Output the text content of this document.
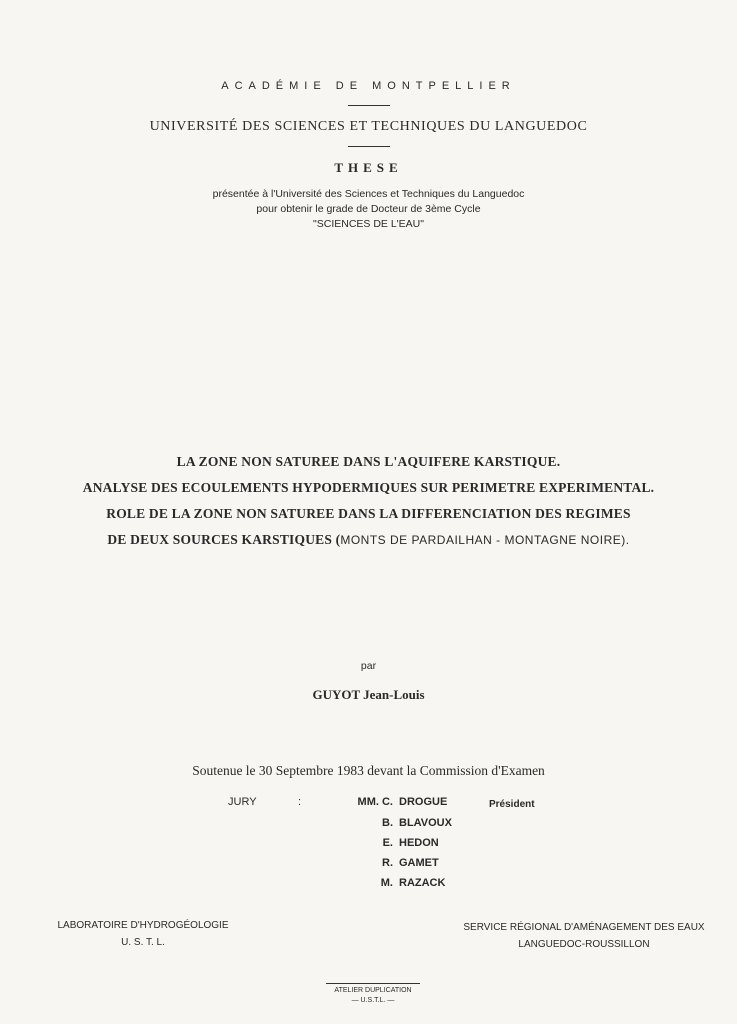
ACADÉMIE DE MONTPELLIER
UNIVERSITÉ DES SCIENCES ET TECHNIQUES DU LANGUEDOC
THESE
présentée à l'Université des Sciences et Techniques du Languedoc
pour obtenir le grade de Docteur de 3ème Cycle
"SCIENCES DE L'EAU"
LA ZONE NON SATUREE DANS L'AQUIFERE KARSTIQUE.
ANALYSE DES ECOULEMENTS HYPODERMIQUES SUR PERIMETRE EXPERIMENTAL.
ROLE DE LA ZONE NON SATUREE DANS LA DIFFERENCIATION DES REGIMES
DE DEUX SOURCES KARSTIQUES (MONTS DE PARDAILHAN - MONTAGNE NOIRE).
par
GUYOT Jean-Louis
Soutenue le 30 Septembre 1983 devant la Commission d'Examen
JURY	:	MM. C. DROGUE	Président
B. BLAVOUX
E. HEDON
R. GAMET
M. RAZACK
LABORATOIRE D'HYDROGÉOLOGIE
U. S. T. L.
SERVICE RÉGIONAL D'AMÉNAGEMENT DES EAUX
LANGUEDOC-ROUSSILLON
ATELIER DUPLICATION
— U.S.T.L. —
